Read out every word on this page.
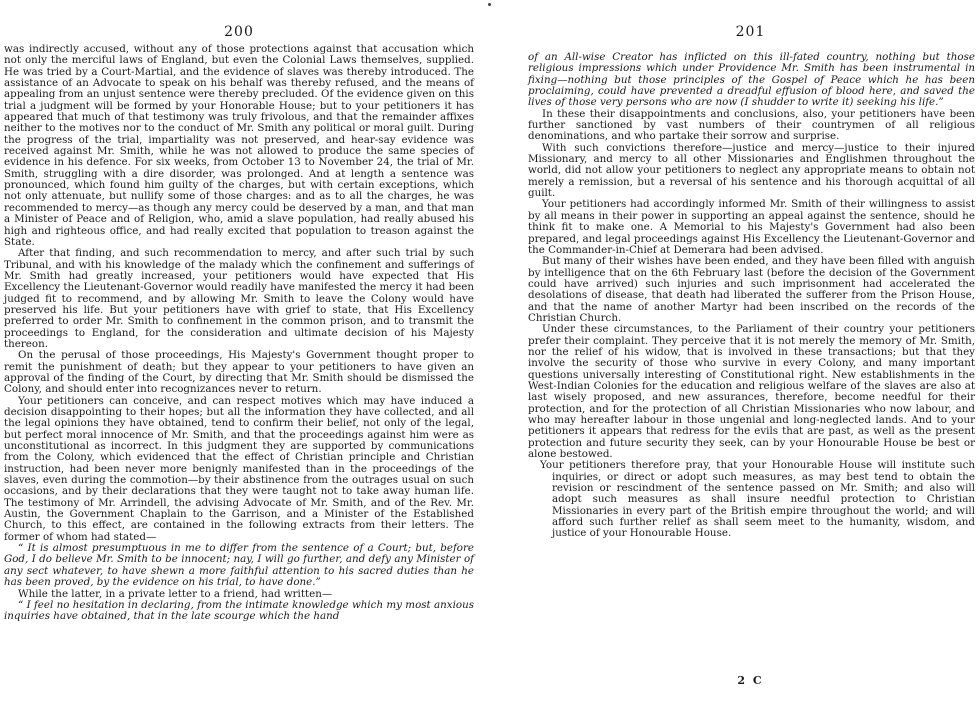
200

was indirectly accused, without any of those protections against that accusation which not only the merciful laws of England, but even the Colonial Laws themselves, supplied. He was tried by a Court-Martial, and the evidence of slaves was thereby introduced. The assistance of an Advocate to speak on his behalf was thereby refused, and the means of appealing from an unjust sentence were thereby precluded. Of the evidence given on this trial a judgment will be formed by your Honorable House; but to your petitioners it has appeared that much of that testimony was truly frivolous, and that the remainder affixes neither to the motives nor to the conduct of Mr. Smith any political or moral guilt. During the progress of the trial, impartiality was not preserved, and hear-say evidence was received against Mr. Smith, while he was not allowed to produce the same species of evidence in his defence. For six weeks, from October 13 to November 24, the trial of Mr. Smith, struggling with a dire disorder, was prolonged. And at length a sentence was pronounced, which found him guilty of the charges, but with certain exceptions, which not only attenuate, but nullify some of those charges: and as to all the charges, he was recommended to mercy—as though any mercy could be deserved by a man, and that man a Minister of Peace and of Religion, who, amid a slave population, had really abused his high and righteous office, and had really excited that population to treason against the State.

After that finding, and such recommendation to mercy, and after such trial by such Tribunal, and with his knowledge of the malady which the confinement and sufferings of Mr. Smith had greatly increased, your petitioners would have expected that His Excellency the Lieutenant-Governor would readily have manifested the mercy it had been judged fit to recommend, and by allowing Mr. Smith to leave the Colony would have preserved his life. But your petitioners have with grief to state, that His Excellency preferred to order Mr. Smith to confinement in the common prison, and to transmit the proceedings to England, for the consideration and ultimate decision of his Majesty thereon.

On the perusal of those proceedings, His Majesty's Government thought proper to remit the punishment of death; but they appear to your petitioners to have given an approval of the finding of the Court, by directing that Mr. Smith should be dismissed the Colony, and should enter into recognizances never to return.

Your petitioners can conceive, and can respect motives which may have induced a decision disappointing to their hopes; but all the information they have collected, and all the legal opinions they have obtained, tend to confirm their belief, not only of the legal, but perfect moral innocence of Mr. Smith, and that the proceedings against him were as unconstitutional as incorrect. In this judgment they are supported by communications from the Colony, which evidenced that the effect of Christian principle and Christian instruction, had been never more benignly manifested than in the proceedings of the slaves, even during the commotion—by their abstinence from the outrages usual on such occasions, and by their declarations that they were taught not to take away human life. The testimony of Mr. Arrindell, the advising Advocate of Mr. Smith, and of the Rev. Mr. Austin, the Government Chaplain to the Garrison, and a Minister of the Established Church, to this effect, are contained in the following extracts from their letters. The former of whom had stated—

“ It is almost presumptuous in me to differ from the sentence of a Court; but, before God, I do believe Mr. Smith to be innocent; nay, I will go further, and defy any Minister of any sect whatever, to have shewn a more faithful attention to his sacred duties than he has been proved, by the evidence on his trial, to have done.”

While the latter, in a private letter to a friend, had written—

“ I feel no hesitation in declaring, from the intimate knowledge which my most anxious inquiries have obtained, that in the late scourge which the hand

201

of an All-wise Creator has inflicted on this ill-fated country, nothing but those religious impressions which under Providence Mr. Smith has been instrumental in fixing—nothing but those principles of the Gospel of Peace which he has been proclaiming, could have prevented a dreadful effusion of blood here, and saved the lives of those very persons who are now (I shudder to write it) seeking his life.”

In these their disappointments and conclusions, also, your petitioners have been further sanctioned by vast numbers of their countrymen of all religious denominations, and who partake their sorrow and surprise.

With such convictions therefore—justice and mercy—justice to their injured Missionary, and mercy to all other Missionaries and Englishmen throughout the world, did not allow your petitioners to neglect any appropriate means to obtain not merely a remission, but a reversal of his sentence and his thorough acquittal of all guilt.

Your petitioners had accordingly informed Mr. Smith of their willingness to assist by all means in their power in supporting an appeal against the sentence, should he think fit to make one. A Memorial to his Majesty's Government had also been prepared, and legal proceedings against His Excellency the Lieutenant-Governor and the Commander-in-Chief at Demerara had been advised.

But many of their wishes have been ended, and they have been filled with anguish by intelligence that on the 6th February last (before the decision of the Government could have arrived) such injuries and such imprisonment had accelerated the desolations of disease, that death had liberated the sufferer from the Prison House, and that the name of another Martyr had been inscribed on the records of the Christian Church.

Under these circumstances, to the Parliament of their country your petitioners prefer their complaint. They perceive that it is not merely the memory of Mr. Smith, nor the relief of his widow, that is involved in these transactions; but that they involve the security of those who survive in every Colony, and many important questions universally interesting of Constitutional right. New establishments in the West-Indian Colonies for the education and religious welfare of the slaves are also at last wisely proposed, and new assurances, therefore, become needful for their protection, and for the protection of all Christian Missionaries who now labour, and who may hereafter labour in those ungenial and long-neglected lands. And to your petitioners it appears that redress for the evils that are past, as well as the present protection and future security they seek, can by your Honourable House be best or alone bestowed.

Your petitioners therefore pray, that your Honourable House will institute such inquiries, or direct or adopt such measures, as may best tend to obtain the revision or rescindment of the sentence passed on Mr. Smith; and also will adopt such measures as shall insure needful protection to Christian Missionaries in every part of the British empire throughout the world; and will afford such further relief as shall seem meet to the humanity, wisdom, and justice of your Honourable House.

2 C
